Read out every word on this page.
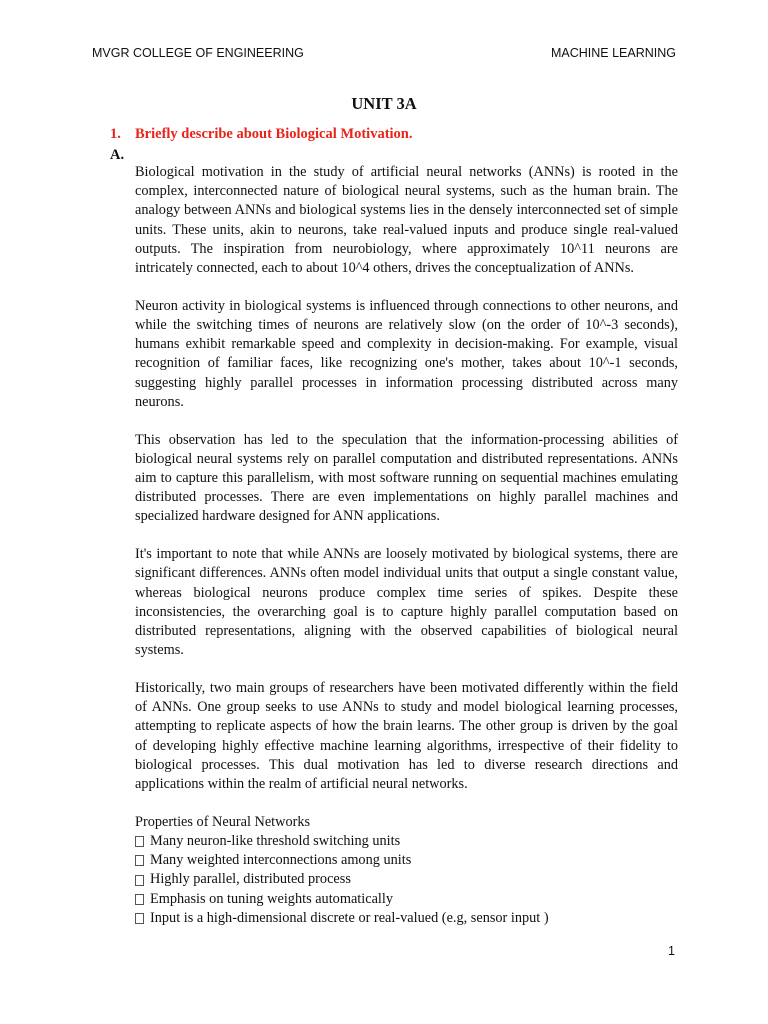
MVGR COLLEGE OF ENGINEERING	MACHINE LEARNING
UNIT 3A
1. Briefly describe about Biological Motivation.
A.

Biological motivation in the study of artificial neural networks (ANNs) is rooted in the complex, interconnected nature of biological neural systems, such as the human brain. The analogy between ANNs and biological systems lies in the densely interconnected set of simple units. These units, akin to neurons, take real-valued inputs and produce single real-valued outputs. The inspiration from neurobiology, where approximately 10^11 neurons are intricately connected, each to about 10^4 others, drives the conceptualization of ANNs.

Neuron activity in biological systems is influenced through connections to other neurons, and while the switching times of neurons are relatively slow (on the order of 10^-3 seconds), humans exhibit remarkable speed and complexity in decision-making. For example, visual recognition of familiar faces, like recognizing one's mother, takes about 10^-1 seconds, suggesting highly parallel processes in information processing distributed across many neurons.

This observation has led to the speculation that the information-processing abilities of biological neural systems rely on parallel computation and distributed representations. ANNs aim to capture this parallelism, with most software running on sequential machines emulating distributed processes. There are even implementations on highly parallel machines and specialized hardware designed for ANN applications.

It's important to note that while ANNs are loosely motivated by biological systems, there are significant differences. ANNs often model individual units that output a single constant value, whereas biological neurons produce complex time series of spikes. Despite these inconsistencies, the overarching goal is to capture highly parallel computation based on distributed representations, aligning with the observed capabilities of biological neural systems.

Historically, two main groups of researchers have been motivated differently within the field of ANNs. One group seeks to use ANNs to study and model biological learning processes, attempting to replicate aspects of how the brain learns. The other group is driven by the goal of developing highly effective machine learning algorithms, irrespective of their fidelity to biological processes. This dual motivation has led to diverse research directions and applications within the realm of artificial neural networks.

Properties of Neural Networks
Many neuron-like threshold switching units
Many weighted interconnections among units
Highly parallel, distributed process
Emphasis on tuning weights automatically
Input is a high-dimensional discrete or real-valued (e.g, sensor input )
1
